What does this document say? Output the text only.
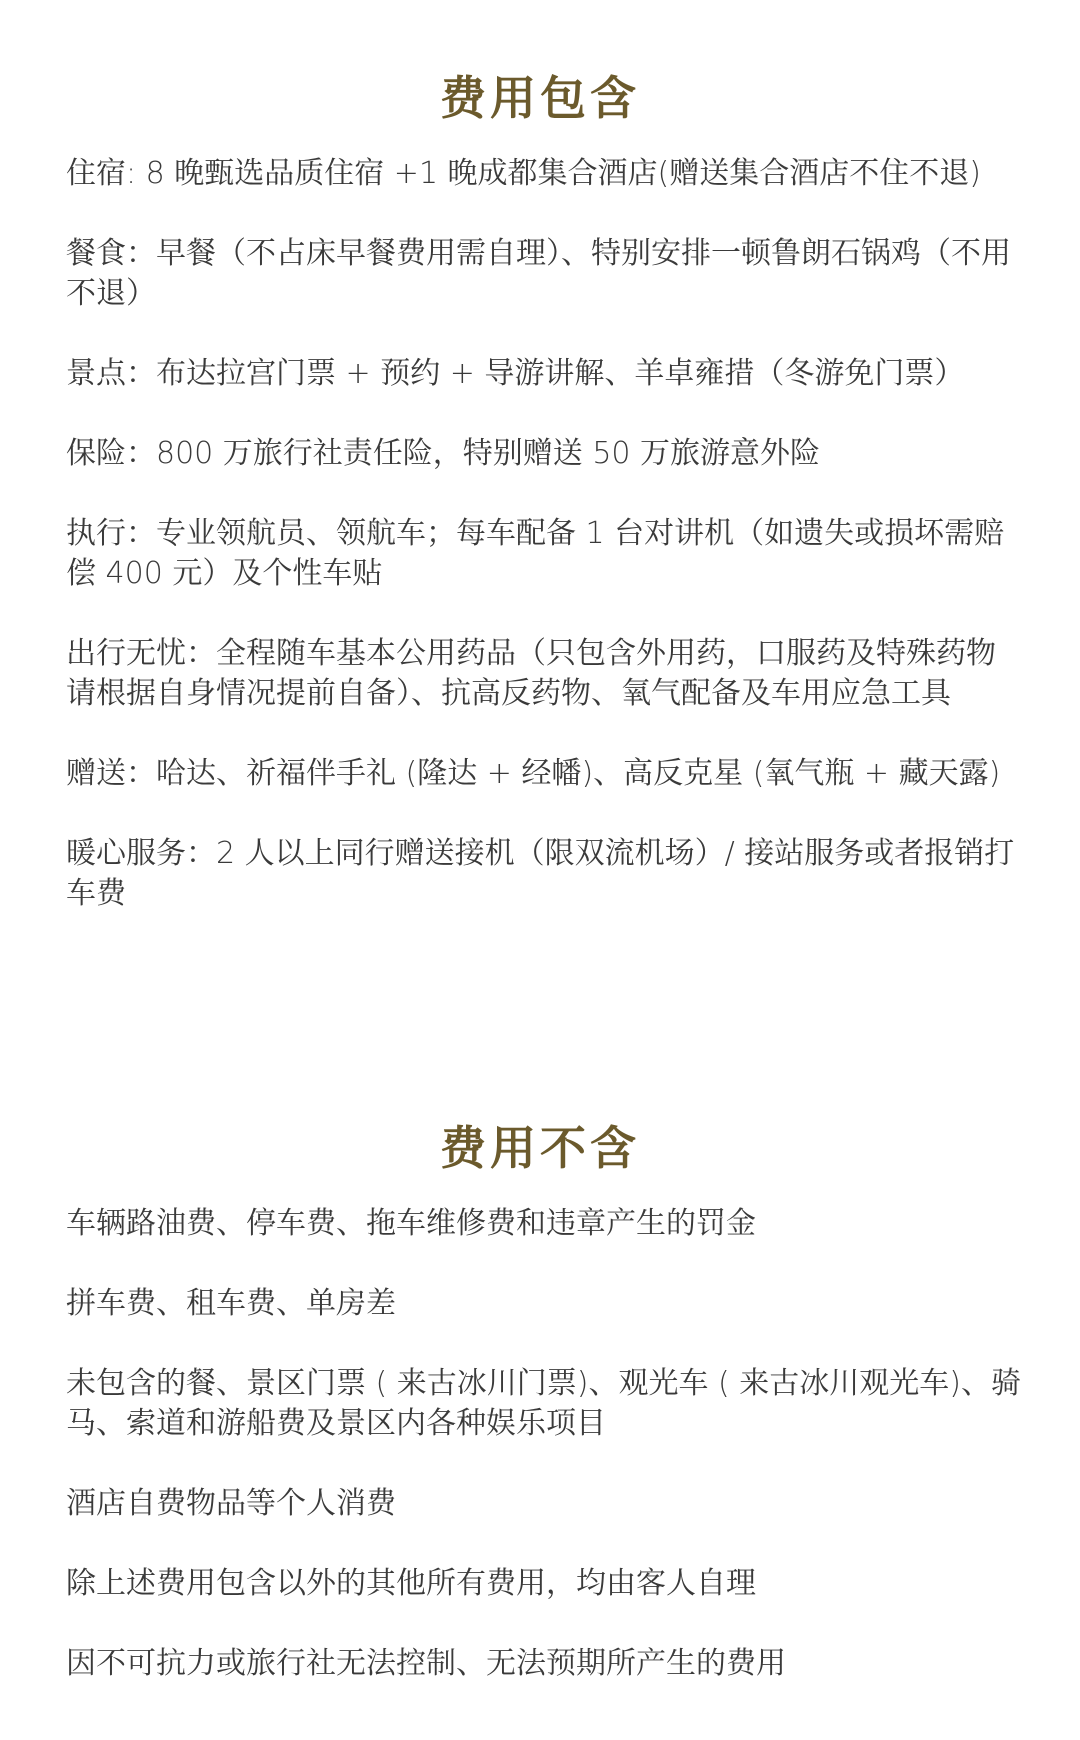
费用包含
住宿: 8 晚甄选品质住宿 +1 晚成都集合酒店(赠送集合酒店不住不退)
餐食：早餐（不占床早餐费用需自理）、特别安排一顿鲁朗石锅鸡（不用不退）
景点：布达拉宫门票 + 预约 + 导游讲解、羊卓雍措（冬游免门票）
保险：800 万旅行社责任险，特别赠送 50 万旅游意外险
执行：专业领航员、领航车；每车配备 1 台对讲机（如遗失或损坏需赔偿 400 元）及个性车贴
出行无忧：全程随车基本公用药品（只包含外用药，口服药及特殊药物请根据自身情况提前自备）、抗高反药物、氧气配备及车用应急工具
赠送：哈达、祈福伴手礼 (隆达 + 经幡)、高反克星 (氧气瓶 + 藏天露)
暖心服务：2 人以上同行赠送接机（限双流机场）/ 接站服务或者报销打车费
费用不含
车辆路油费、停车费、拖车维修费和违章产生的罚金
拼车费、租车费、单房差
未包含的餐、景区门票 ( 来古冰川门票)、观光车 ( 来古冰川观光车)、骑马、索道和游船费及景区内各种娱乐项目
酒店自费物品等个人消费
除上述费用包含以外的其他所有费用，均由客人自理
因不可抗力或旅行社无法控制、无法预期所产生的费用
